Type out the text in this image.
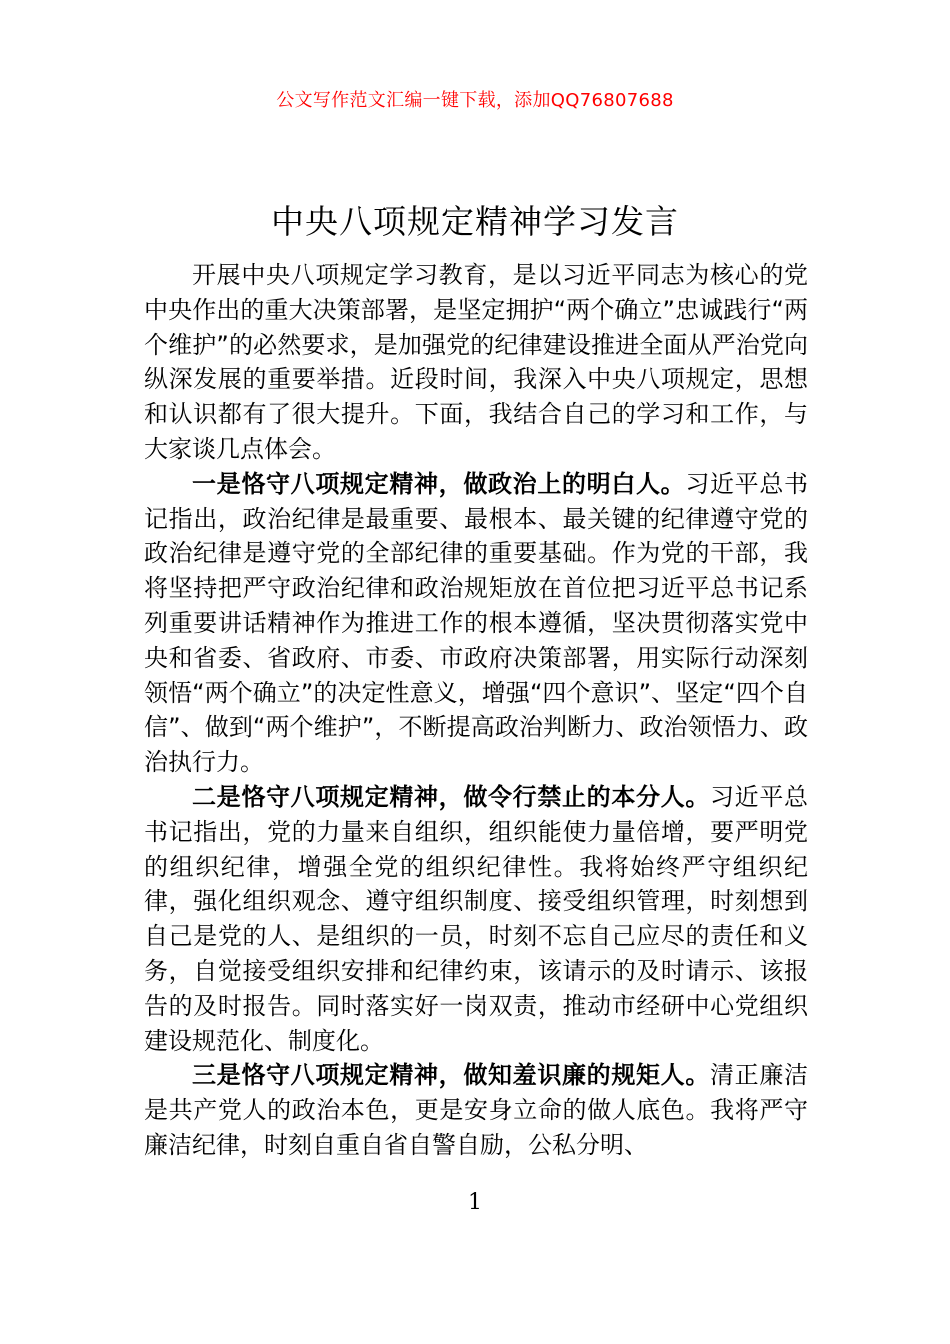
公文写作范文汇编一键下载，添加QQ76807688
中央八项规定精神学习发言

开展中央八项规定学习教育，是以习近平同志为核心的党中央作出的重大决策部署，是坚定拥护“两个确立”忠诚践行“两个维护”的必然要求，是加强党的纪律建设推进全面从严治党向纵深发展的重要举措。近段时间，我深入中央八项规定，思想和认识都有了很大提升。下面，我结合自己的学习和工作，与大家谈几点体会。

一是恪守八项规定精神，做政治上的明白人。习近平总书记指出，政治纪律是最重要、最根本、最关键的纪律遵守党的政治纪律是遵守党的全部纪律的重要基础。作为党的干部，我将坚持把严守政治纪律和政治规矩放在首位把习近平总书记系列重要讲话精神作为推进工作的根本遵循，坚决贯彻落实党中央和省委、省政府、市委、市政府决策部署，用实际行动深刻领悟“两个确立”的决定性意义，增强“四个意识”、坚定“四个自信”、做到“两个维护”，不断提高政治判断力、政治领悟力、政治执行力。

二是恪守八项规定精神，做令行禁止的本分人。习近平总书记指出，党的力量来自组织，组织能使力量倍增，要严明党的组织纪律，增强全党的组织纪律性。我将始终严守组织纪律，强化组织观念、遵守组织制度、接受组织管理，时刻想到自己是党的人、是组织的一员，时刻不忘自己应尽的责任和义务，自觉接受组织安排和纪律约束，该请示的及时请示、该报告的及时报告。同时落实好一岗双责，推动市经研中心党组织建设规范化、制度化。

三是恪守八项规定精神，做知羞识廉的规矩人。清正廉洁是共产党人的政治本色，更是安身立命的做人底色。我将严守廉洁纪律，时刻自重自省自警自励，公私分明、

1
